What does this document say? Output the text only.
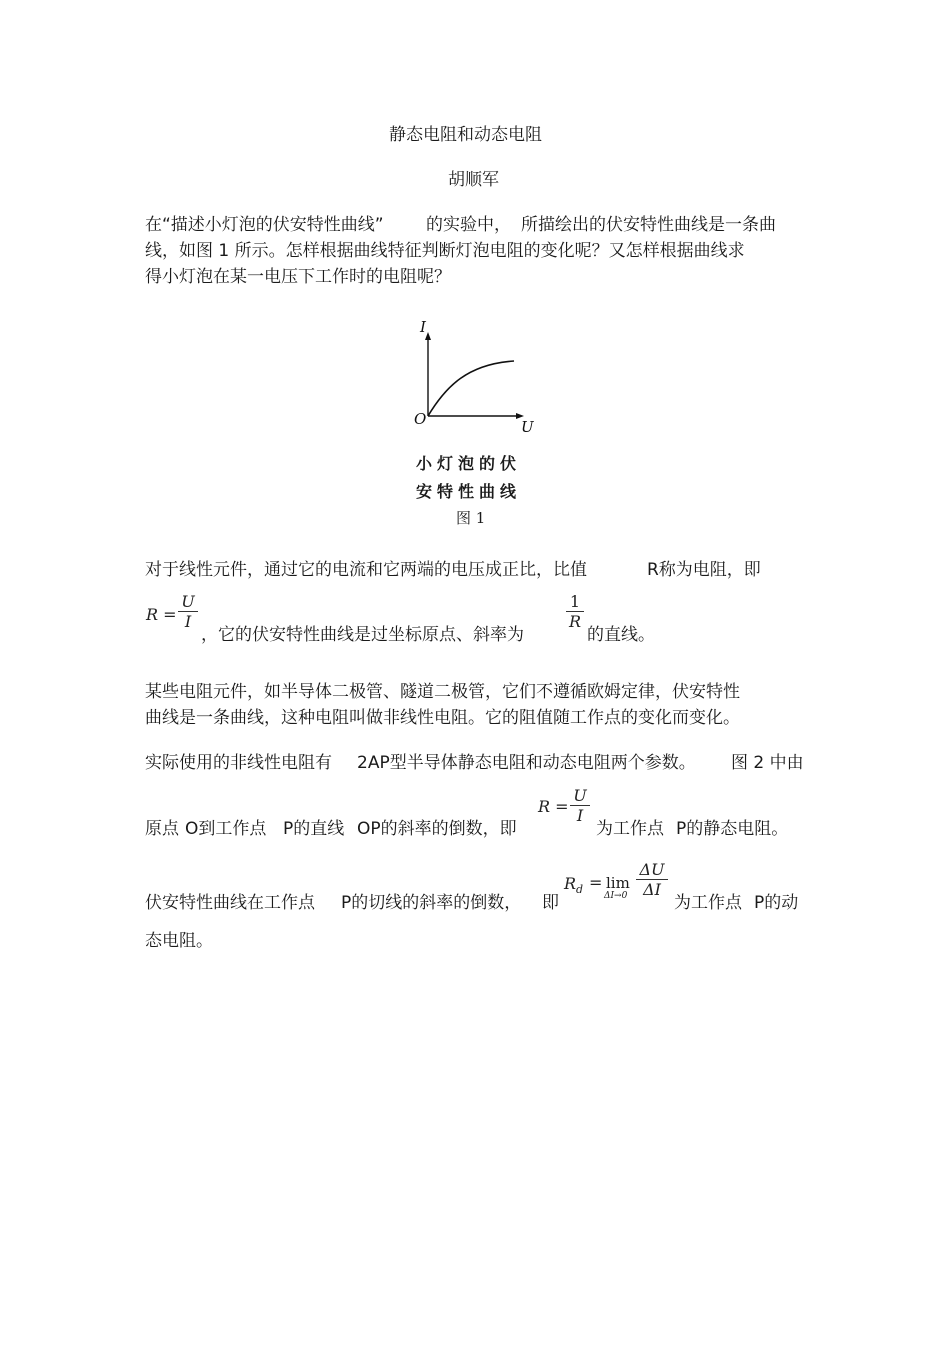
静态电阻和动态电阻
胡顺军
在“描述小灯泡的伏安特性曲线” 的实验中， 所描绘出的伏安特性曲线是一条曲
线，如图 1 所示。怎样根据曲线特征判断灯泡电阻的变化呢？又怎样根据曲线求
得小灯泡在某一电压下工作时的电阻呢？
I
O	U
小灯泡的伏
安特性曲线
图 1
对于线性元件，通过它的电流和它两端的电压成正比，比值	R称为电阻，即
R =
U
I
，它的伏安特性曲线是过坐标原点、斜率为
1
R
的直线。
某些电阻元件，如半导体二极管、隧道二极管，它们不遵循欧姆定律，伏安特性
曲线是一条曲线，这种电阻叫做非线性电阻。它的阻值随工作点的变化而变化。
实际使用的非线性电阻有 2AP型半导体静态电阻和动态电阻两个参数。 图 2 中由
原点 O到工作点 P的直线 OP的斜率的倒数，即
R =
U
I
为工作点 P的静态电阻。
伏安特性曲线在工作点 P的切线的斜率的倒数， 即
$R_d = \lim$
ΔI→0
ΔU
ΔI
为工作点 P的动
态电阻。
